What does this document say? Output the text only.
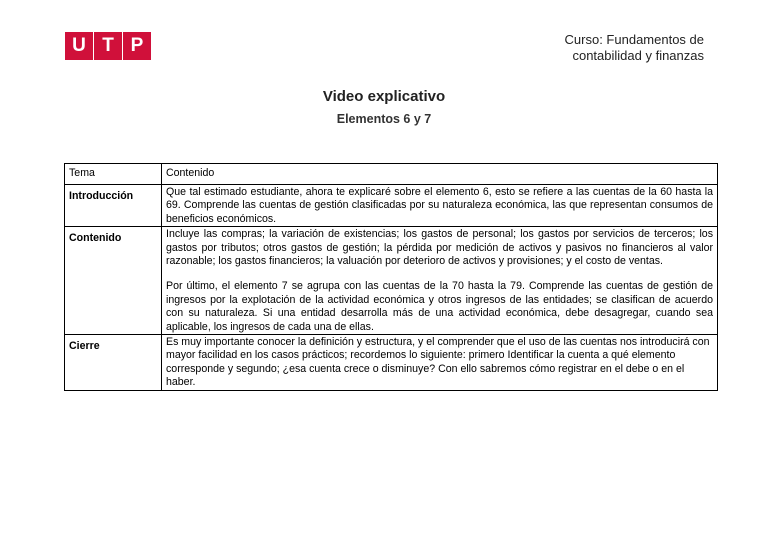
U T P	Curso: Fundamentos de
contabilidad y finanzas
Video explicativo
Elementos 6 y 7
Tema	Contenido
Introducción	Que tal estimado estudiante, ahora te explicaré sobre el elemento 6, esto se refiere a las cuentas de la 60 hasta la 69. Comprende las cuentas de gestión clasificadas por su naturaleza económica, las que representan consumos de beneficios económicos.

Contenido	Incluye las compras; la variación de existencias; los gastos de personal; los gastos por servicios de terceros; los gastos por tributos; otros gastos de gestión; la pérdida por medición de activos y pasivos no financieros al valor razonable; los gastos financieros; la valuación por deterioro de activos y provisiones; y el costo de ventas.
Por último, el elemento 7 se agrupa con las cuentas de la 70 hasta la 79. Comprende las cuentas de gestión de ingresos por la explotación de la actividad económica y otros ingresos de las entidades; se clasifican de acuerdo con su naturaleza. Si una entidad desarrolla más de una actividad económica, debe desagregar, cuando sea aplicable, los ingresos de cada una de ellas.

Cierre	Es muy importante conocer la definición y estructura, y el comprender que el uso de las cuentas nos introducirá con mayor facilidad en los casos prácticos; recordemos lo siguiente: primero Identificar la cuenta a qué elemento corresponde y segundo; ¿esa cuenta crece o disminuye? Con ello sabremos cómo registrar en el debe o en el haber.
